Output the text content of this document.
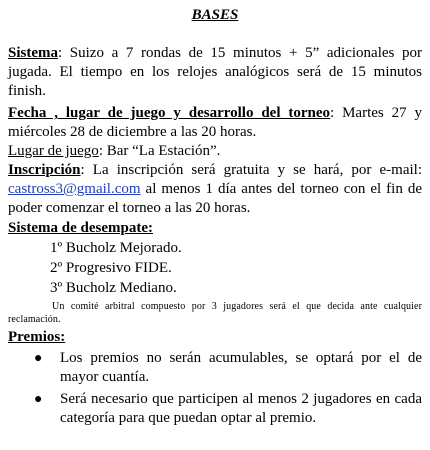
BASES

Sistema: Suizo a 7 rondas de 15 minutos + 5” adicionales por jugada. El tiempo en los relojes analógicos será de 15 minutos finish.

Fecha , lugar de juego y desarrollo del torneo: Martes 27 y miércoles 28 de diciembre a las 20 horas.

Lugar de juego: Bar “La Estación”.

Inscripción: La inscripción será gratuita y se hará, por e-mail: castross3@gmail.com al menos 1 día antes del torneo con el fin de poder comenzar el torneo a las 20 horas.

Sistema de desempate:
1º Bucholz Mejorado.
2º Progresivo FIDE.
3º Bucholz Mediano.

Un comité arbitral compuesto por 3 jugadores será el que decida ante cualquier reclamación.

Premios:
● Los premios no serán acumulables, se optará por el de mayor cuantía.
● Será necesario que participen al menos 2 jugadores en cada categoría para que puedan optar al premio.
